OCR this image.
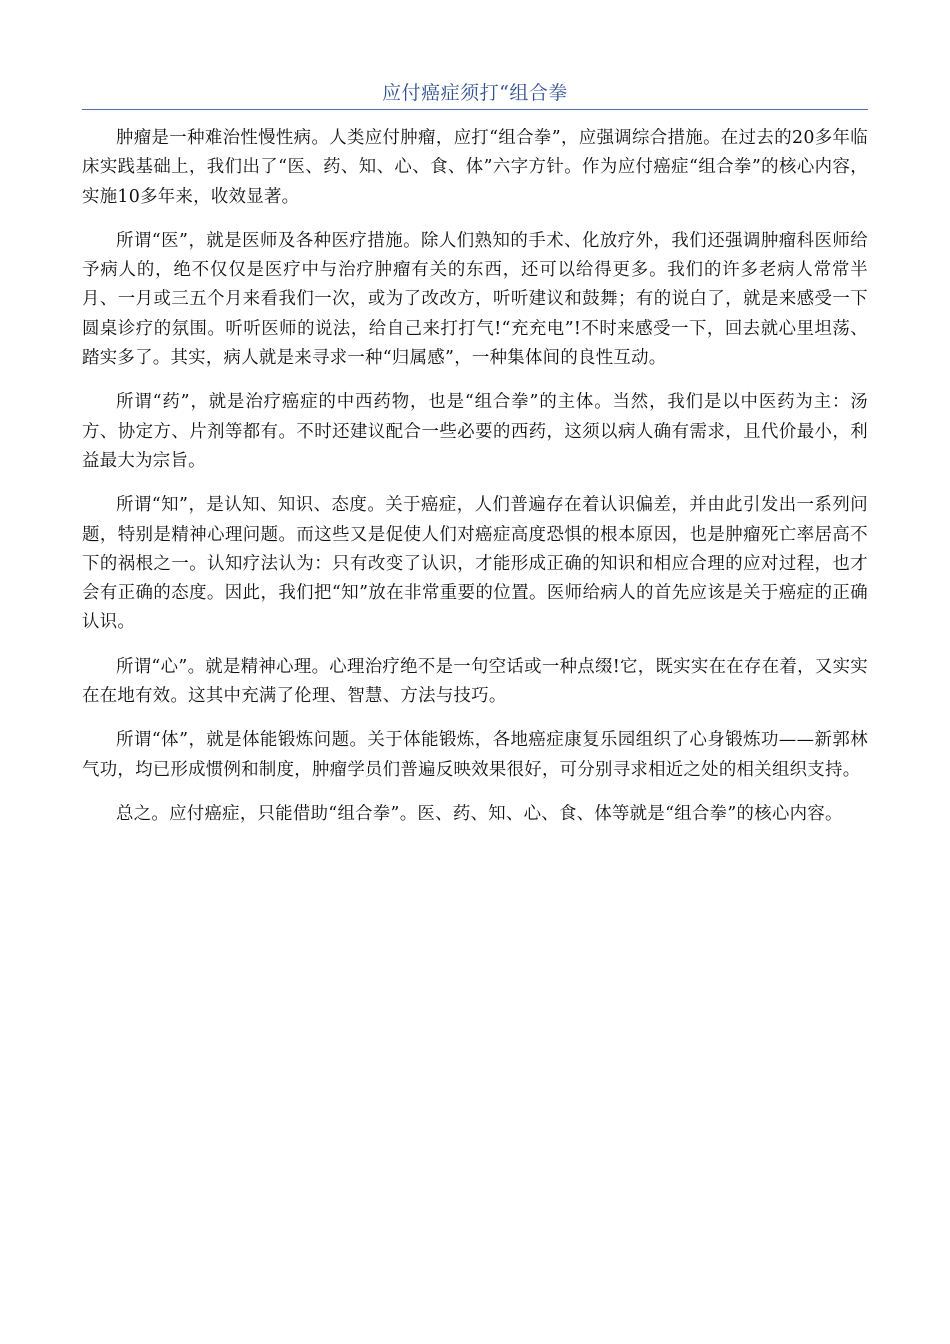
应付癌症须打“组合拳

肿瘤是一种难治性慢性病。人类应付肿瘤，应打“组合拳”，应强调综合措施。在过去的20多年临床实践基础上，我们出了“医、药、知、心、食、体”六字方针。作为应付癌症“组合拳”的核心内容，实施10多年来，收效显著。

所谓“医”，就是医师及各种医疗措施。除人们熟知的手术、化放疗外，我们还强调肿瘤科医师给予病人的，绝不仅仅是医疗中与治疗肿瘤有关的东西，还可以给得更多。我们的许多老病人常常半月、一月或三五个月来看我们一次，或为了改改方，听听建议和鼓舞；有的说白了，就是来感受一下圆桌诊疗的氛围。听听医师的说法，给自己来打打气!“充充电”!不时来感受一下，回去就心里坦荡、踏实多了。其实，病人就是来寻求一种“归属感”，一种集体间的良性互动。

所谓“药”，就是治疗癌症的中西药物，也是“组合拳”的主体。当然，我们是以中医药为主：汤方、协定方、片剂等都有。不时还建议配合一些必要的西药，这须以病人确有需求，且代价最小，利益最大为宗旨。

所谓“知”，是认知、知识、态度。关于癌症，人们普遍存在着认识偏差，并由此引发出一系列问题，特别是精神心理问题。而这些又是促使人们对癌症高度恐惧的根本原因，也是肿瘤死亡率居高不下的祸根之一。认知疗法认为：只有改变了认识，才能形成正确的知识和相应合理的应对过程，也才会有正确的态度。因此，我们把“知”放在非常重要的位置。医师给病人的首先应该是关于癌症的正确认识。

所谓“心”。就是精神心理。心理治疗绝不是一句空话或一种点缀!它，既实实在在存在着，又实实在在地有效。这其中充满了伦理、智慧、方法与技巧。

所谓“体”，就是体能锻炼问题。关于体能锻炼，各地癌症康复乐园组织了心身锻炼功——新郭林气功，均已形成惯例和制度，肿瘤学员们普遍反映效果很好，可分别寻求相近之处的相关组织支持。

总之。应付癌症，只能借助“组合拳”。医、药、知、心、食、体等就是“组合拳”的核心内容。
